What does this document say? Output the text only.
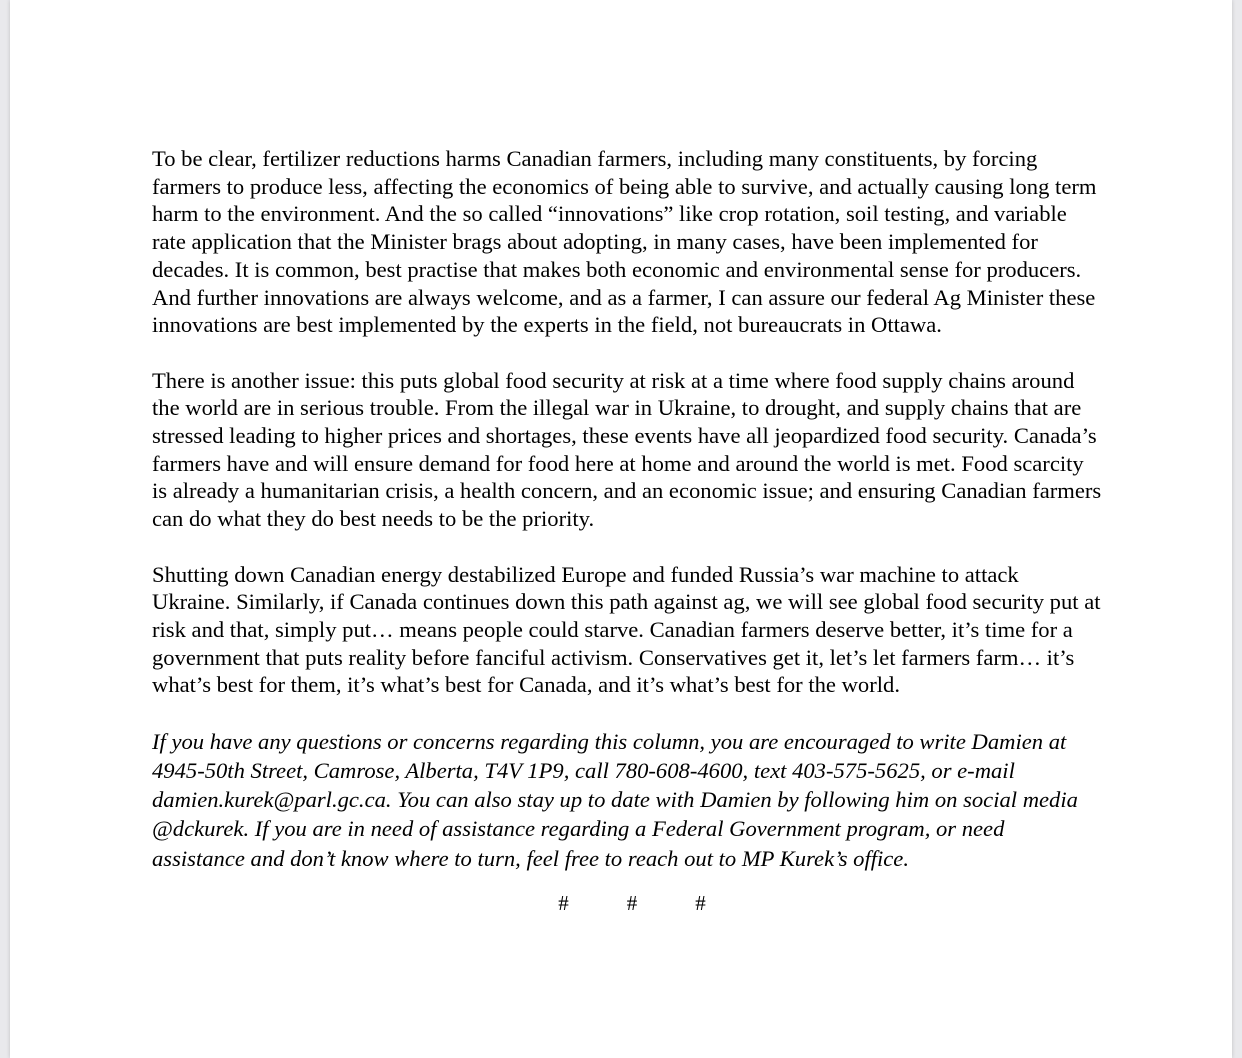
To be clear, fertilizer reductions harms Canadian farmers, including many constituents, by forcing farmers to produce less, affecting the economics of being able to survive, and actually causing long term harm to the environment. And the so called “innovations” like crop rotation, soil testing, and variable rate application that the Minister brags about adopting, in many cases, have been implemented for decades. It is common, best practise that makes both economic and environmental sense for producers. And further innovations are always welcome, and as a farmer, I can assure our federal Ag Minister these innovations are best implemented by the experts in the field, not bureaucrats in Ottawa.

There is another issue: this puts global food security at risk at a time where food supply chains around the world are in serious trouble. From the illegal war in Ukraine, to drought, and supply chains that are stressed leading to higher prices and shortages, these events have all jeopardized food security. Canada’s farmers have and will ensure demand for food here at home and around the world is met. Food scarcity is already a humanitarian crisis, a health concern, and an economic issue; and ensuring Canadian farmers can do what they do best needs to be the priority.

Shutting down Canadian energy destabilized Europe and funded Russia’s war machine to attack Ukraine. Similarly, if Canada continues down this path against ag, we will see global food security put at risk and that, simply put… means people could starve. Canadian farmers deserve better, it’s time for a government that puts reality before fanciful activism. Conservatives get it, let’s let farmers farm… it’s what’s best for them, it’s what’s best for Canada, and it’s what’s best for the world.

If you have any questions or concerns regarding this column, you are encouraged to write Damien at 4945-50th Street, Camrose, Alberta, T4V 1P9, call 780-608-4600, text 403-575-5625, or e-mail damien.kurek@parl.gc.ca. You can also stay up to date with Damien by following him on social media @dckurek. If you are in need of assistance regarding a Federal Government program, or need assistance and don’t know where to turn, feel free to reach out to MP Kurek’s office.

#	#	#
